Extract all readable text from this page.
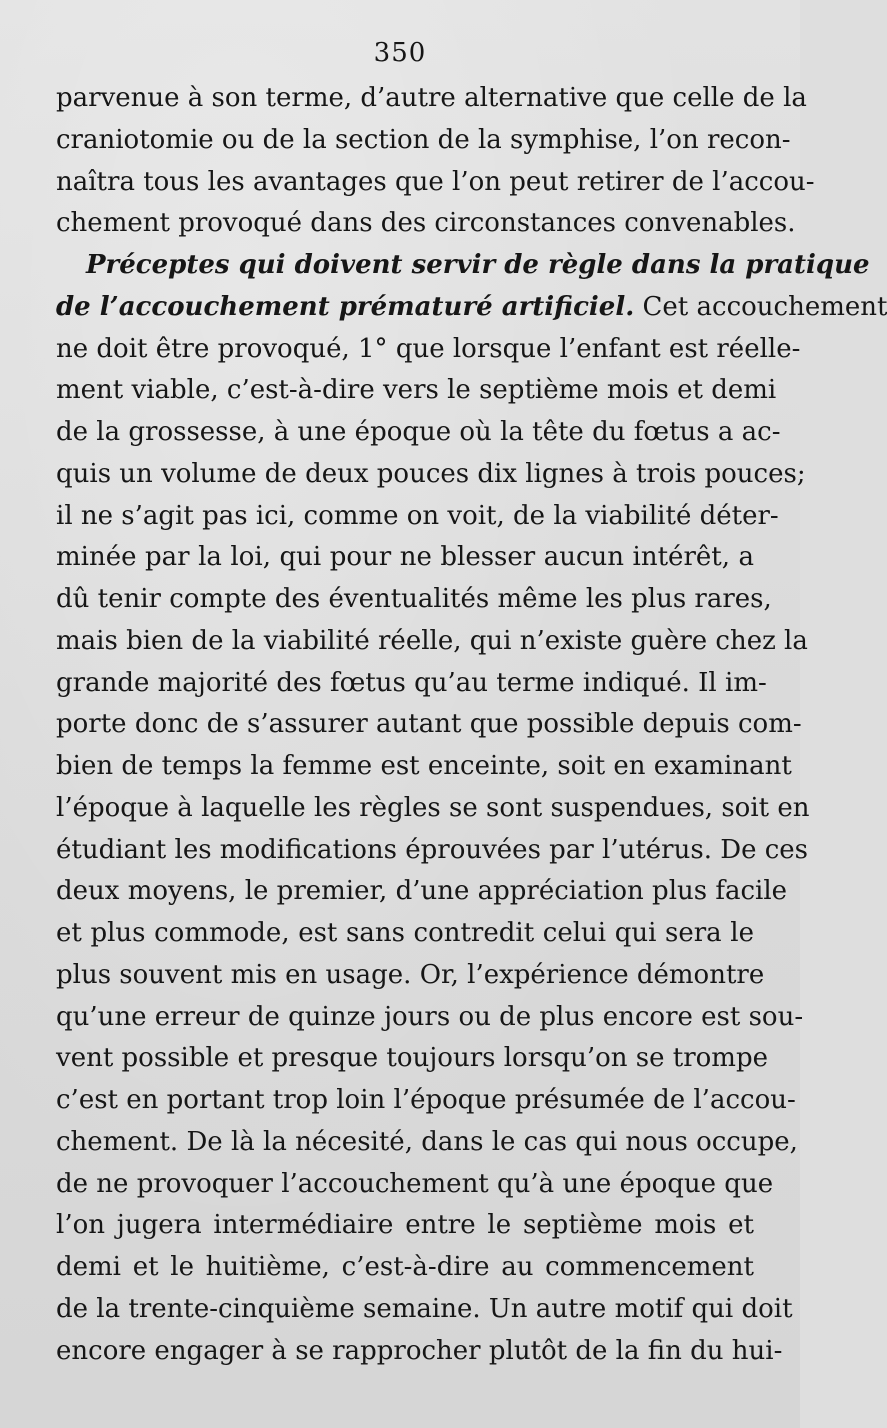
350
parvenue à son terme, d’autre alternative que celle de la
craniotomie ou de la section de la symphise, l’on recon-
naîtra tous les avantages que l’on peut retirer de l’accou-
chement provoqué dans des circonstances convenables.
Préceptes qui doivent servir de règle dans la pratique
de l’accouchement prématuré artificiel. Cet accouchement
ne doit être provoqué, 1° que lorsque l’enfant est réelle-
ment viable, c’est-à-dire vers le septième mois et demi
de la grossesse, à une époque où la tête du fœtus a ac-
quis un volume de deux pouces dix lignes à trois pouces;
il ne s’agit pas ici, comme on voit, de la viabilité déter-
minée par la loi, qui pour ne blesser aucun intérêt, a
dû tenir compte des éventualités même les plus rares,
mais bien de la viabilité réelle, qui n’existe guère chez la
grande majorité des fœtus qu’au terme indiqué. Il im-
porte donc de s’assurer autant que possible depuis com-
bien de temps la femme est enceinte, soit en examinant
l’époque à laquelle les règles se sont suspendues, soit en
étudiant les modifications éprouvées par l’utérus. De ces
deux moyens, le premier, d’une appréciation plus facile
et plus commode, est sans contredit celui qui sera le
plus souvent mis en usage. Or, l’expérience démontre
qu’une erreur de quinze jours ou de plus encore est sou-
vent possible et presque toujours lorsqu’on se trompe
c’est en portant trop loin l’époque présumée de l’accou-
chement. De là la nécesité, dans le cas qui nous occupe,
de ne provoquer l’accouchement qu’à une époque que
l’on jugera intermédiaire entre le septième mois et
demi et le huitième, c’est-à-dire au commencement
de la trente-cinquième semaine. Un autre motif qui doit
encore engager à se rapprocher plutôt de la fin du hui-
